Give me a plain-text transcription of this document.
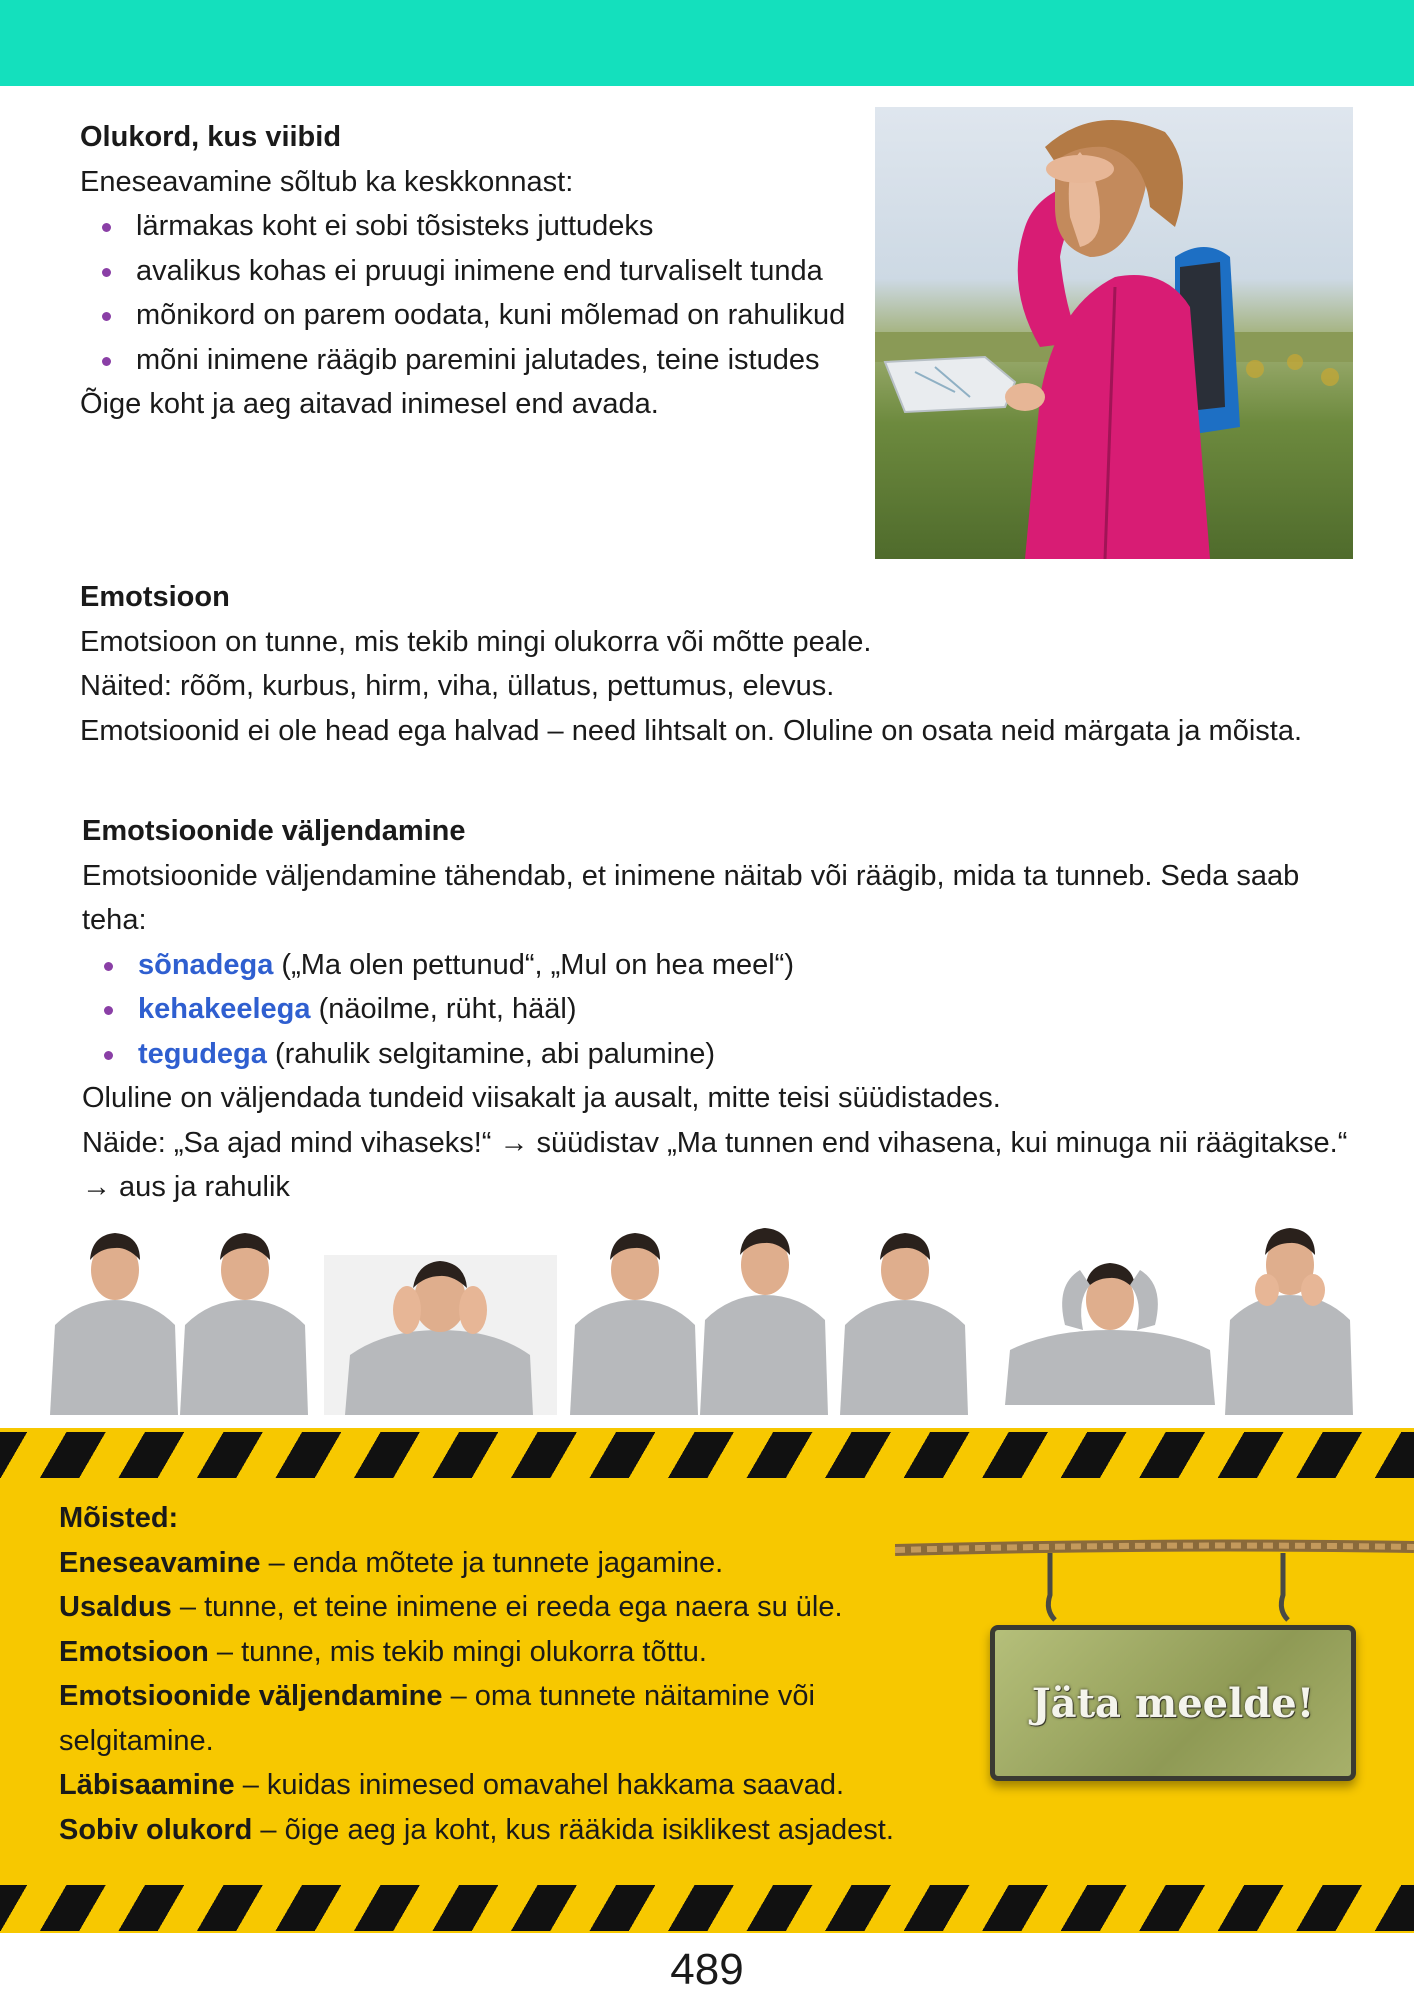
Olukord, kus viibid

Eneseavamine sõltub ka keskkonnast:

lärmakas koht ei sobi tõsisteks juttudeks
avalikus kohas ei pruugi inimene end turvaliselt tunda
mõnikord on parem oodata, kuni mõlemad on rahulikud
mõni inimene räägib paremini jalutades, teine istudes

Õige koht ja aeg aitavad inimesel end avada.

Emotsioon

Emotsioon on tunne, mis tekib mingi olukorra või mõtte peale.

Näited: rõõm, kurbus, hirm, viha, üllatus, pettumus, elevus.

Emotsioonid ei ole head ega halvad – need lihtsalt on. Oluline on osata neid märgata ja mõista.

Emotsioonide väljendamine

Emotsioonide väljendamine tähendab, et inimene näitab või räägib, mida ta tunneb. Seda saab teha:

sõnadega („Ma olen pettunud“, „Mul on hea meel“)
kehakeelega (näoilme, rüht, hääl)
tegudega (rahulik selgitamine, abi palumine)

Oluline on väljendada tundeid viisakalt ja ausalt, mitte teisi süüdistades.

Näide: „Sa ajad mind vihaseks!“ → süüdistav „Ma tunnen end vihasena, kui minuga nii räägitakse.“ → aus ja rahulik

Mõisted:

Eneseavamine – enda mõtete ja tunnete jagamine.

Usaldus – tunne, et teine inimene ei reeda ega naera su üle.

Emotsioon – tunne, mis tekib mingi olukorra tõttu.

Emotsioonide väljendamine – oma tunnete näitamine või selgitamine.

Läbisaamine – kuidas inimesed omavahel hakkama saavad.

Sobiv olukord – õige aeg ja koht, kus rääkida isiklikest asjadest.

Jäta meelde!
489
